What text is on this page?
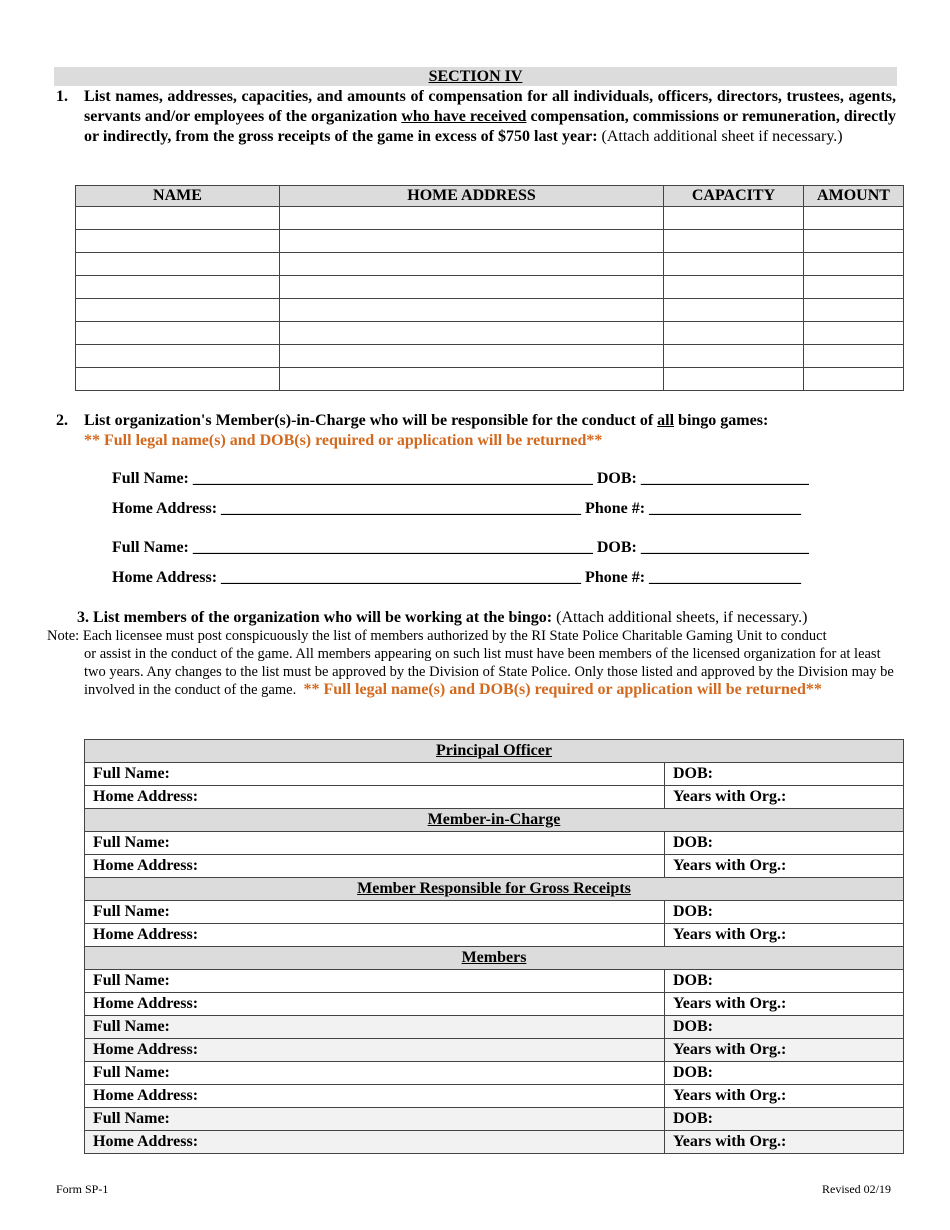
SECTION IV
1. List names, addresses, capacities, and amounts of compensation for all individuals, officers, directors, trustees, agents, servants and/or employees of the organization who have received compensation, commissions or remuneration, directly or indirectly, from the gross receipts of the game in excess of $750 last year: (Attach additional sheet if necessary.)
NAME	HOME ADDRESS	CAPACITY	AMOUNT

2. List organization's Member(s)-in-Charge who will be responsible for the conduct of all bingo games:
** Full legal name(s) and DOB(s) required or application will be returned**
Full Name: __________________________________________________ DOB: _____________________
Home Address: _____________________________________________ Phone #: ___________________
Full Name: __________________________________________________ DOB: _____________________
Home Address: _____________________________________________ Phone #: ___________________
3. List members of the organization who will be working at the bingo: (Attach additional sheets, if necessary.)
Note: Each licensee must post conspicuously the list of members authorized by the RI State Police Charitable Gaming Unit to conduct
or assist in the conduct of the game. All members appearing on such list must have been members of the licensed organization for at least two years. Any changes to the list must be approved by the Division of State Police. Only those listed and approved by the Division may be involved in the conduct of the game. ** Full legal name(s) and DOB(s) required or application will be returned**
Principal Officer	
Full Name:	DOB:
Home Address:	Years with Org.:
Member-in-Charge	
Full Name:	DOB:
Home Address:	Years with Org.:
Member Responsible for Gross Receipts	
Full Name:	DOB:
Home Address:	Years with Org.:
Members	
Full Name:	DOB:
Home Address:	Years with Org.:
Full Name:	DOB:
Home Address:	Years with Org.:
Full Name:	DOB:
Home Address:	Years with Org.:
Full Name:	DOB:
Home Address:	Years with Org.:
Form SP-1	Revised 02/19
